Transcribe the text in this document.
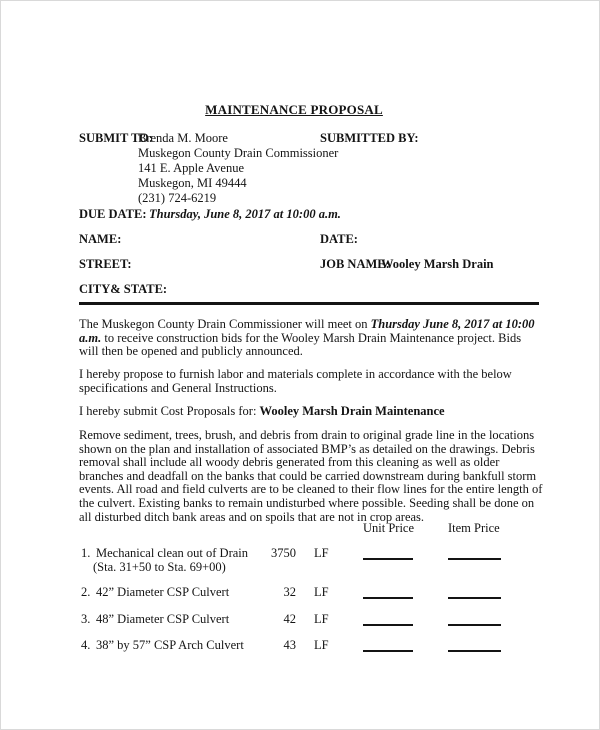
MAINTENANCE PROPOSAL
SUBMIT TO:
Brenda M. Moore
Muskegon County Drain Commissioner
141 E. Apple Avenue
Muskegon, MI 49444
(231) 724-6219
SUBMITTED BY:
DUE DATE: Thursday, June 8, 2017 at 10:00 a.m.
NAME:	DATE:
STREET:	JOB NAME:
Wooley Marsh Drain
CITY& STATE:
The Muskegon County Drain Commissioner will meet on Thursday June 8, 2017 at 10:00 a.m. to receive construction bids for the Wooley Marsh Drain Maintenance project. Bids will then be opened and publicly announced.
I hereby propose to furnish labor and materials complete in accordance with the below specifications and General Instructions.
I hereby submit Cost Proposals for: Wooley Marsh Drain Maintenance
Remove sediment, trees, brush, and debris from drain to original grade line in the locations shown on the plan and installation of associated BMP’s as detailed on the drawings. Debris removal shall include all woody debris generated from this cleaning as well as older branches and deadfall on the banks that could be carried downstream during bankfull storm events. All road and field culverts are to be cleaned to their flow lines for the entire length of the culvert. Existing banks to remain undisturbed where possible. Seeding shall be done on all disturbed ditch bank areas and on spoils that are not in crop areas.
Unit Price	Item Price
1. Mechanical clean out of Drain
(Sta. 31+50 to Sta. 69+00)
3750 LF
2. 42” Diameter CSP Culvert	32 LF
3. 48” Diameter CSP Culvert	42 LF
4. 38” by 57” CSP Arch Culvert	43 LF
